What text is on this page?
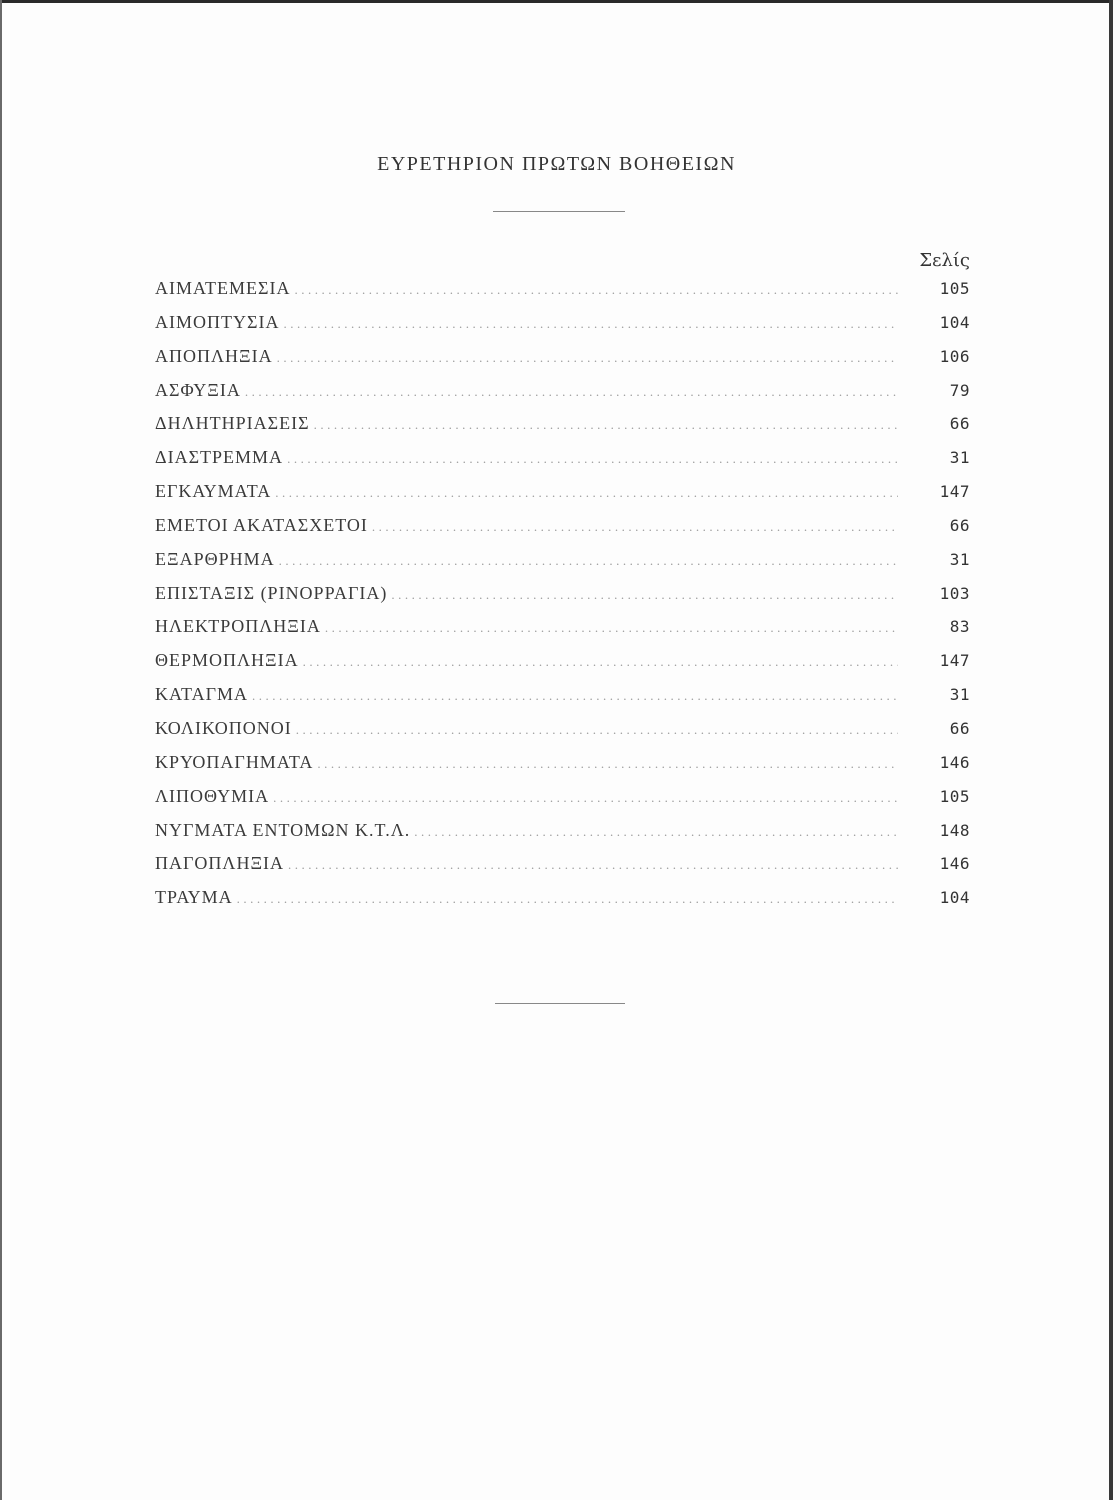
ΕΥΡΕΤΗΡΙΟΝ ΠΡΩΤΩΝ ΒΟΗΘΕΙΩΝ
Σελίς
ΑΙΜΑΤΕΜΕΣΙΑ .....	105
ΑΙΜΟΠΤΥΣΙΑ .....	104
ΑΠΟΠΛΗΞΙΑ .....	106
ΑΣΦΥΞΙΑ .....	79
ΔΗΛΗΤΗΡΙΑΣΕΙΣ .....	66
ΔΙΑΣΤΡΕΜΜΑ .....	31
ΕΓΚΑΥΜΑΤΑ .....	147
ΕΜΕΤΟΙ ΑΚΑΤΑΣΧΕΤΟΙ .....	66
ΕΞΑΡΘΡΗΜΑ .....	31
ΕΠΙΣΤΑΞΙΣ (ΡΙΝΟΡΡΑΓΙΑ) .....	103
ΗΛΕΚΤΡΟΠΛΗΞΙΑ .....	83
ΘΕΡΜΟΠΛΗΞΙΑ .....	147
ΚΑΤΑΓΜΑ .....	31
ΚΟΛΙΚΟΠΟΝΟΙ .....	66
ΚΡΥΟΠΑΓΗΜΑΤΑ .....	146
ΛΙΠΟΘΥΜΙΑ .....	105
ΝΥΓΜΑΤΑ ΕΝΤΟΜΩΝ Κ.Τ.Λ. .....	148
ΠΑΓΟΠΛΗΞΙΑ .....	146
ΤΡΑΥΜΑ .....	104
